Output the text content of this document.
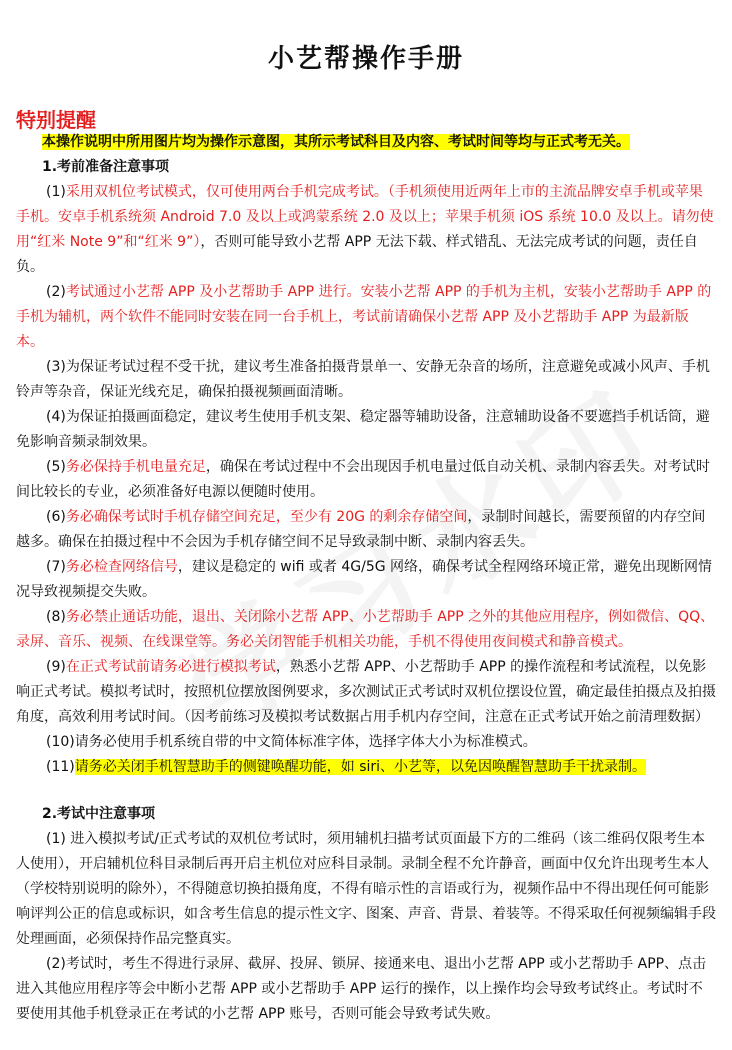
小艺帮操作手册
特别提醒

本操作说明中所用图片均为操作示意图，其所示考试科目及内容、考试时间等均与正式考无关。

1.考前准备注意事项

(1)采用双机位考试模式，仅可使用两台手机完成考试。（手机须使用近两年上市的主流品牌安卓手机或苹果手机。安卓手机系统须 Android 7.0 及以上或鸿蒙系统 2.0 及以上；苹果手机须 iOS 系统 10.0 及以上。请勿使用“红米 Note 9”和“红米 9”），否则可能导致小艺帮 APP 无法下载、样式错乱、无法完成考试的问题，责任自负。

(2)考试通过小艺帮 APP 及小艺帮助手 APP 进行。安装小艺帮 APP 的手机为主机，安装小艺帮助手 APP 的手机为辅机，两个软件不能同时安装在同一台手机上，考试前请确保小艺帮 APP 及小艺帮助手 APP 为最新版本。

(3)为保证考试过程不受干扰，建议考生准备拍摄背景单一、安静无杂音的场所，注意避免或减小风声、手机铃声等杂音，保证光线充足，确保拍摄视频画面清晰。

(4)为保证拍摄画面稳定，建议考生使用手机支架、稳定器等辅助设备，注意辅助设备不要遮挡手机话筒，避免影响音频录制效果。

(5)务必保持手机电量充足，确保在考试过程中不会出现因手机电量过低自动关机、录制内容丢失。对考试时间比较长的专业，必须准备好电源以便随时使用。

(6)务必确保考试时手机存储空间充足，至少有 20G 的剩余存储空间，录制时间越长，需要预留的内存空间越多。确保在拍摄过程中不会因为手机存储空间不足导致录制中断、录制内容丢失。

(7)务必检查网络信号，建议是稳定的 wifi 或者 4G/5G 网络，确保考试全程网络环境正常，避免出现断网情况导致视频提交失败。

(8)务必禁止通话功能，退出、关闭除小艺帮 APP、小艺帮助手 APP 之外的其他应用程序，例如微信、QQ、录屏、音乐、视频、在线课堂等。务必关闭智能手机相关功能，手机不得使用夜间模式和静音模式。

(9)在正式考试前请务必进行模拟考试，熟悉小艺帮 APP、小艺帮助手 APP 的操作流程和考试流程，以免影响正式考试。模拟考试时，按照机位摆放图例要求，多次测试正式考试时双机位摆设位置，确定最佳拍摄点及拍摄角度，高效利用考试时间。（因考前练习及模拟考试数据占用手机内存空间，注意在正式考试开始之前清理数据）

(10)请务必使用手机系统自带的中文简体标准字体，选择字体大小为标准模式。

(11)请务必关闭手机智慧助手的侧键唤醒功能，如 siri、小艺等，以免因唤醒智慧助手干扰录制。

2.考试中注意事项

(1) 进入模拟考试/正式考试的双机位考试时，须用辅机扫描考试页面最下方的二维码（该二维码仅限考生本人使用），开启辅机位科目录制后再开启主机位对应科目录制。录制全程不允许静音，画面中仅允许出现考生本人（学校特别说明的除外），不得随意切换拍摄角度，不得有暗示性的言语或行为，视频作品中不得出现任何可能影响评判公正的信息或标识，如含考生信息的提示性文字、图案、声音、背景、着装等。不得采取任何视频编辑手段处理画面，必须保持作品完整真实。

(2)考试时，考生不得进行录屏、截屏、投屏、锁屏、接通来电、退出小艺帮 APP 或小艺帮助手 APP、点击进入其他应用程序等会中断小艺帮 APP 或小艺帮助手 APP 运行的操作，以上操作均会导致考试终止。考试时不要使用其他手机登录正在考试的小艺帮 APP 账号，否则可能会导致考试失败。
